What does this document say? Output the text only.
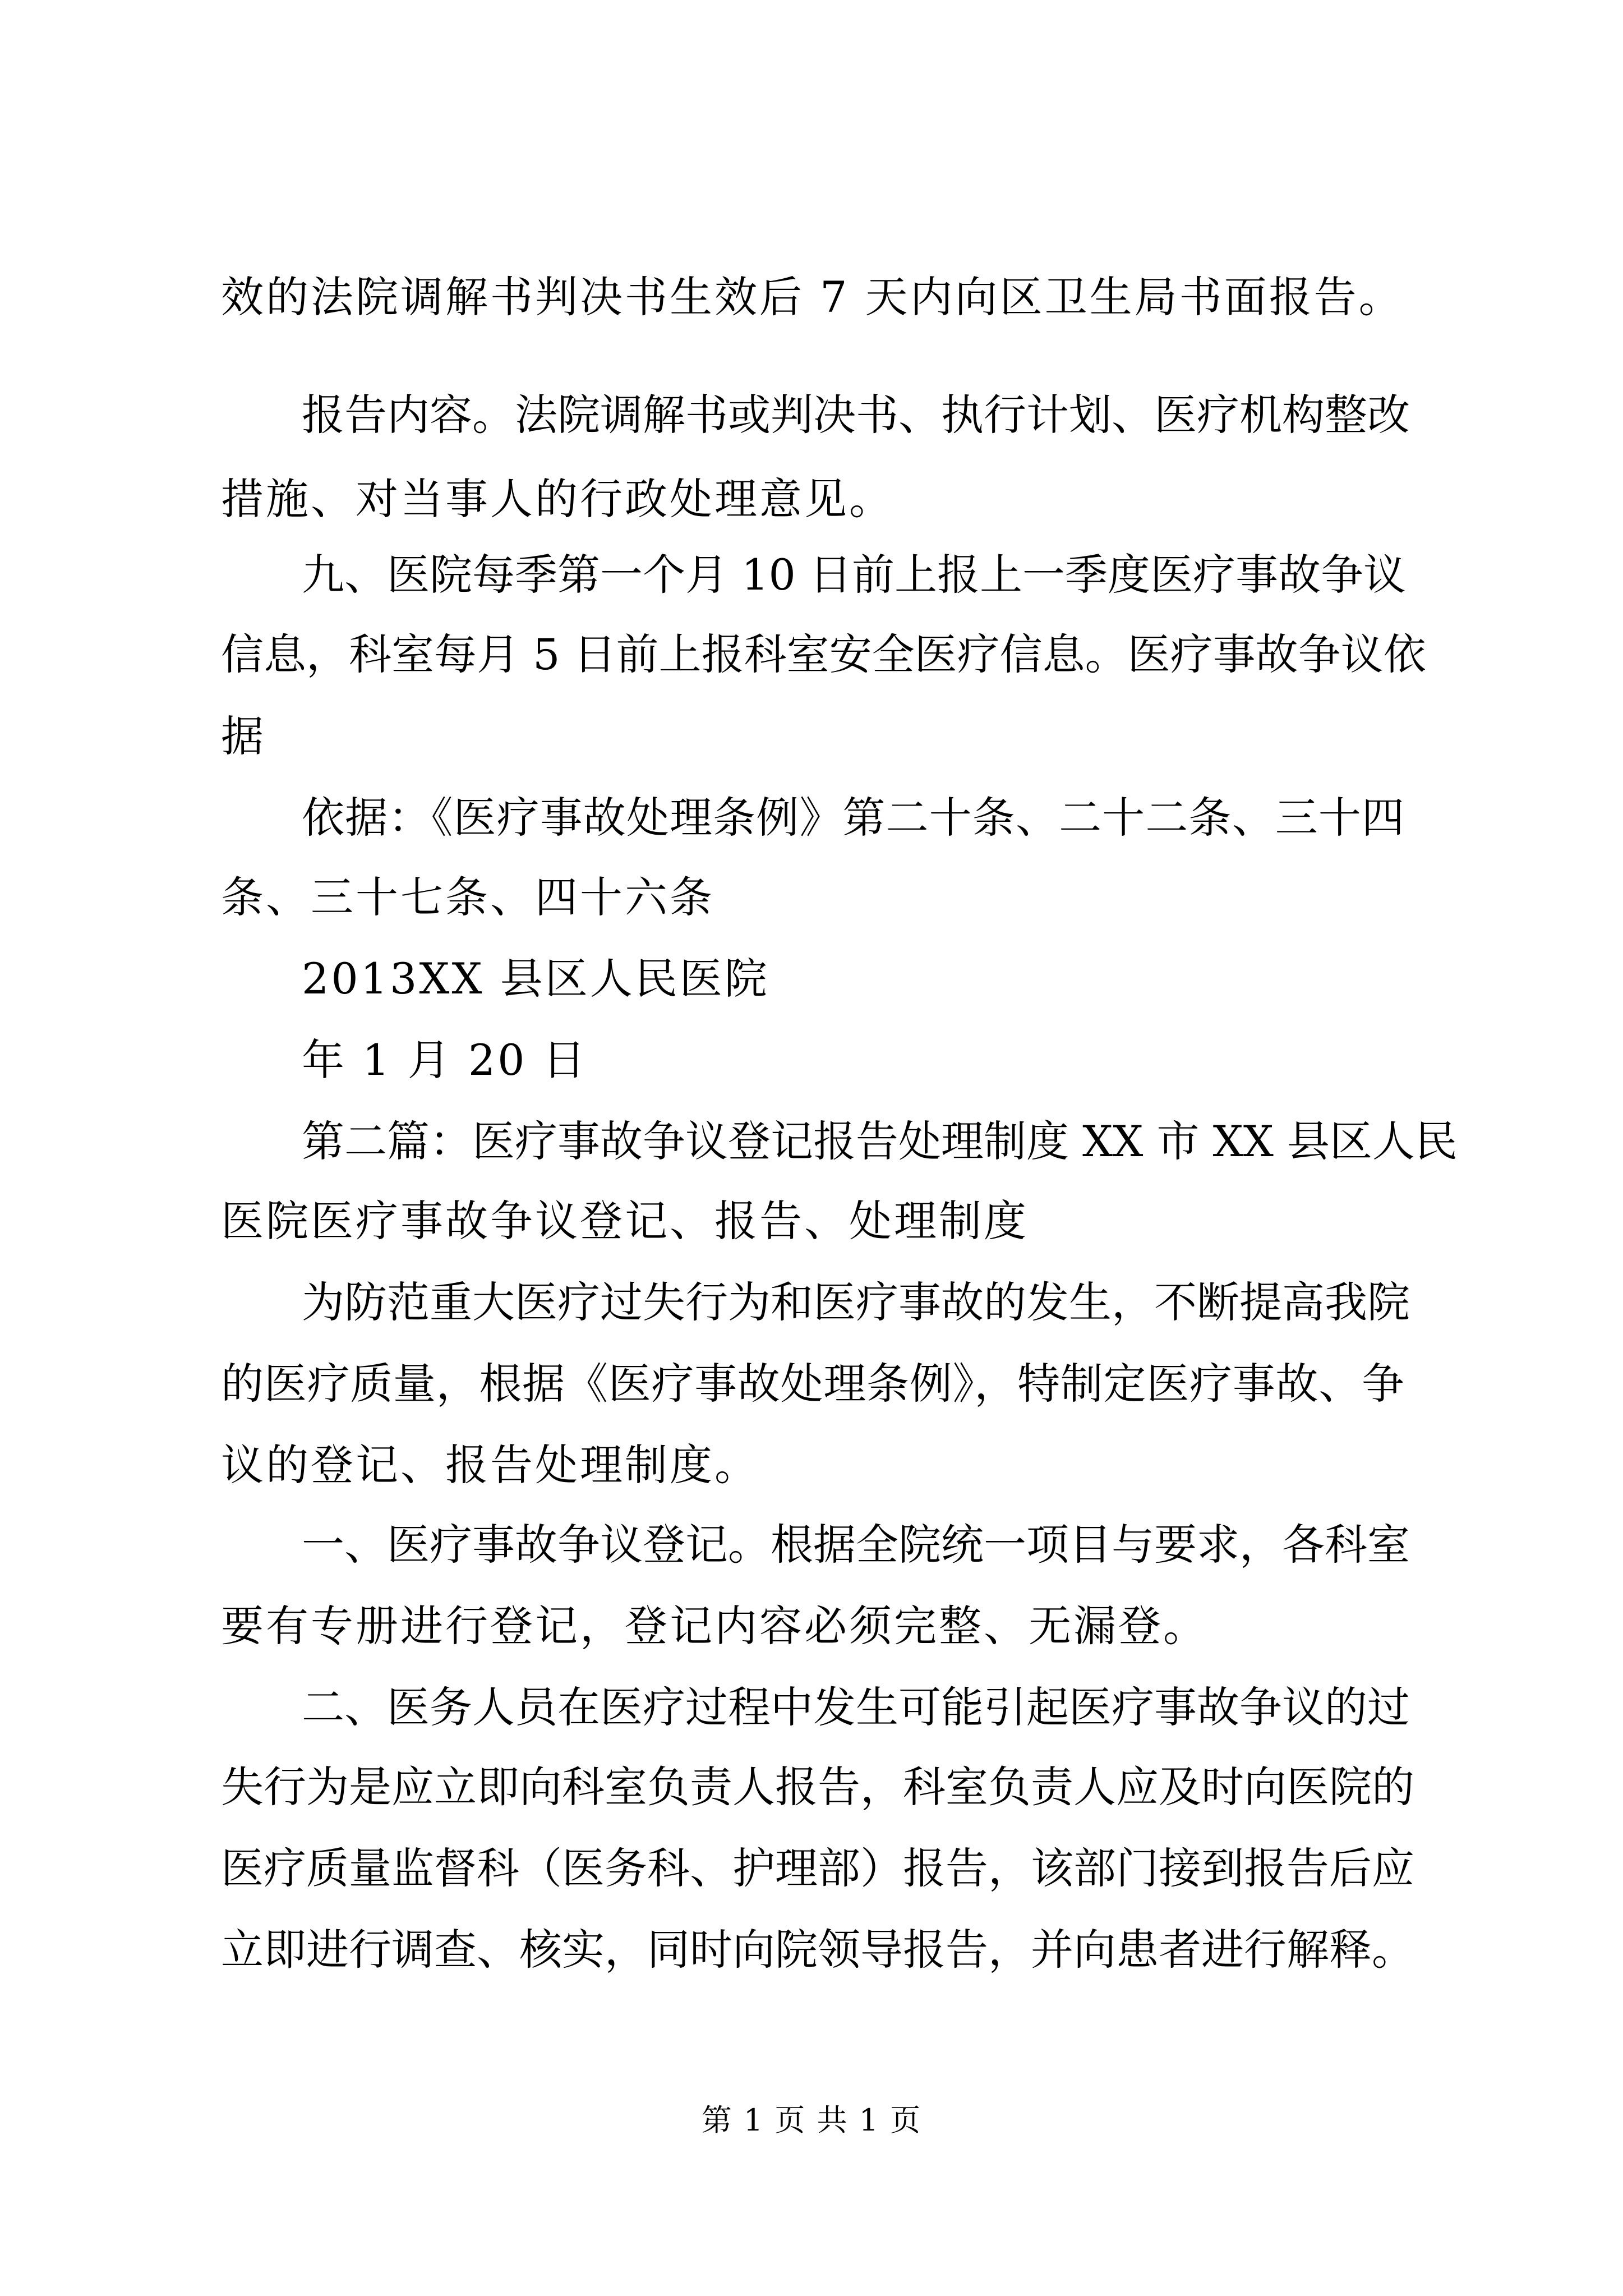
效的法院调解书判决书生效后 7 天内向区卫生局书面报告。
报告内容。法院调解书或判决书、执行计划、医疗机构整改
措施、对当事人的行政处理意见。
九、医院每季第一个月 10 日前上报上一季度医疗事故争议
信息，科室每月 5 日前上报科室安全医疗信息。医疗事故争议依
据
依据：《医疗事故处理条例》第二十条、二十二条、三十四
条、三十七条、四十六条
2013XX 县区人民医院
年 1 月 20 日
第二篇：医疗事故争议登记报告处理制度 XX 市 XX 县区人民
医院医疗事故争议登记、报告、处理制度
为防范重大医疗过失行为和医疗事故的发生，不断提高我院
的医疗质量，根据《医疗事故处理条例》，特制定医疗事故、争
议的登记、报告处理制度。
一、医疗事故争议登记。根据全院统一项目与要求，各科室
要有专册进行登记，登记内容必须完整、无漏登。
二、医务人员在医疗过程中发生可能引起医疗事故争议的过
失行为是应立即向科室负责人报告，科室负责人应及时向医院的
医疗质量监督科（医务科、护理部）报告，该部门接到报告后应
立即进行调查、核实，同时向院领导报告，并向患者进行解释。
第 1 页 共 1 页
